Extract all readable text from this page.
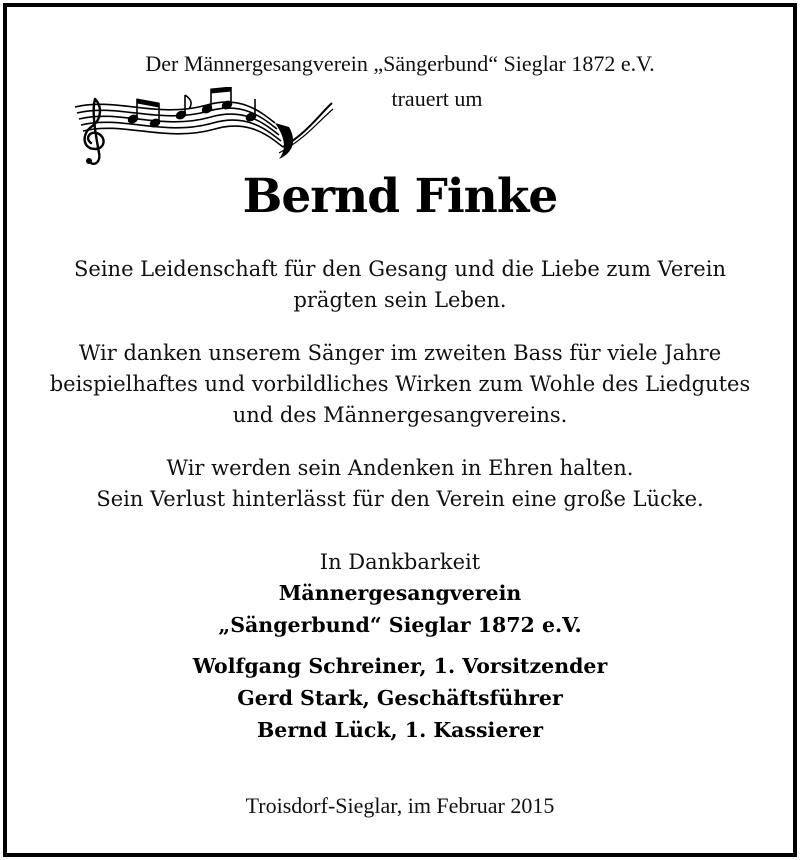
Der Männergesangverein „Sängerbund“ Sieglar 1872 e.V.
trauert um
Bernd Finke
Seine Leidenschaft für den Gesang und die Liebe zum Verein
prägten sein Leben.
Wir danken unserem Sänger im zweiten Bass für viele Jahre
beispielhaftes und vorbildliches Wirken zum Wohle des Liedgutes
und des Männergesangvereins.
Wir werden sein Andenken in Ehren halten.
Sein Verlust hinterlässt für den Verein eine große Lücke.
In Dankbarkeit
Männergesangverein
„Sängerbund“ Sieglar 1872 e.V.
Wolfgang Schreiner, 1. Vorsitzender
Gerd Stark, Geschäftsführer
Bernd Lück, 1. Kassierer
Troisdorf-Sieglar, im Februar 2015
